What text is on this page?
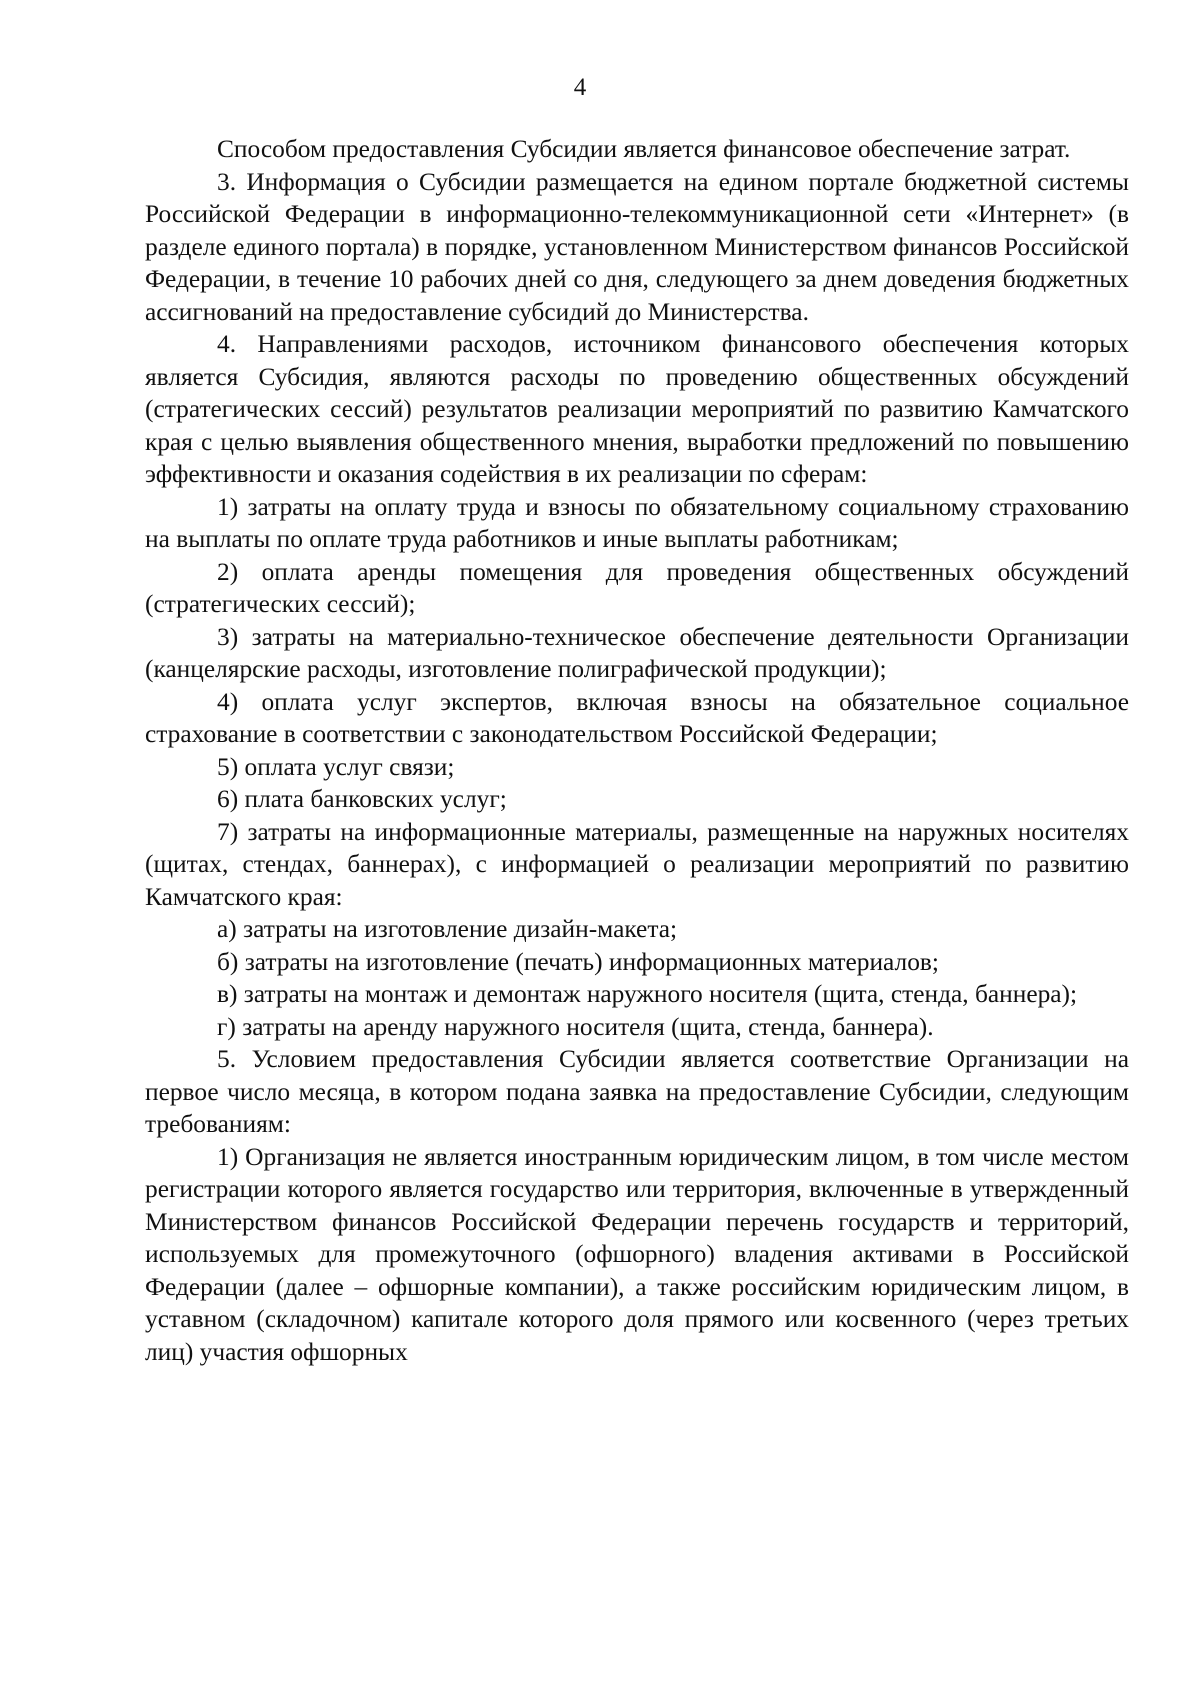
4

Способом предоставления Субсидии является финансовое обеспечение затрат.

3. Информация о Субсидии размещается на едином портале бюджетной системы Российской Федерации в информационно-телекоммуникационной сети «Интернет» (в разделе единого портала) в порядке, установленном Министерством финансов Российской Федерации, в течение 10 рабочих дней со дня, следующего за днем доведения бюджетных ассигнований на предоставление субсидий до Министерства.

4. Направлениями расходов, источником финансового обеспечения которых является Субсидия, являются расходы по проведению общественных обсуждений (стратегических сессий) результатов реализации мероприятий по развитию Камчатского края с целью выявления общественного мнения, выработки предложений по повышению эффективности и оказания содействия в их реализации по сферам:

1) затраты на оплату труда и взносы по обязательному социальному страхованию на выплаты по оплате труда работников и иные выплаты работникам;

2) оплата аренды помещения для проведения общественных обсуждений (стратегических сессий);

3) затраты на материально-техническое обеспечение деятельности Организации (канцелярские расходы, изготовление полиграфической продукции);

4) оплата услуг экспертов, включая взносы на обязательное социальное страхование в соответствии с законодательством Российской Федерации;

5) оплата услуг связи;

6) плата банковских услуг;

7) затраты на информационные материалы, размещенные на наружных носителях (щитах, стендах, баннерах), с информацией о реализации мероприятий по развитию Камчатского края:

а) затраты на изготовление дизайн-макета;

б) затраты на изготовление (печать) информационных материалов;

в) затраты на монтаж и демонтаж наружного носителя (щита, стенда, баннера);

г) затраты на аренду наружного носителя (щита, стенда, баннера).

5. Условием предоставления Субсидии является соответствие Организации на первое число месяца, в котором подана заявка на предоставление Субсидии, следующим требованиям:

1) Организация не является иностранным юридическим лицом, в том числе местом регистрации которого является государство или территория, включенные в утвержденный Министерством финансов Российской Федерации перечень государств и территорий, используемых для промежуточного (офшорного) владения активами в Российской Федерации (далее – офшорные компании), а также российским юридическим лицом, в уставном (складочном) капитале которого доля прямого или косвенного (через третьих лиц) участия офшорных
